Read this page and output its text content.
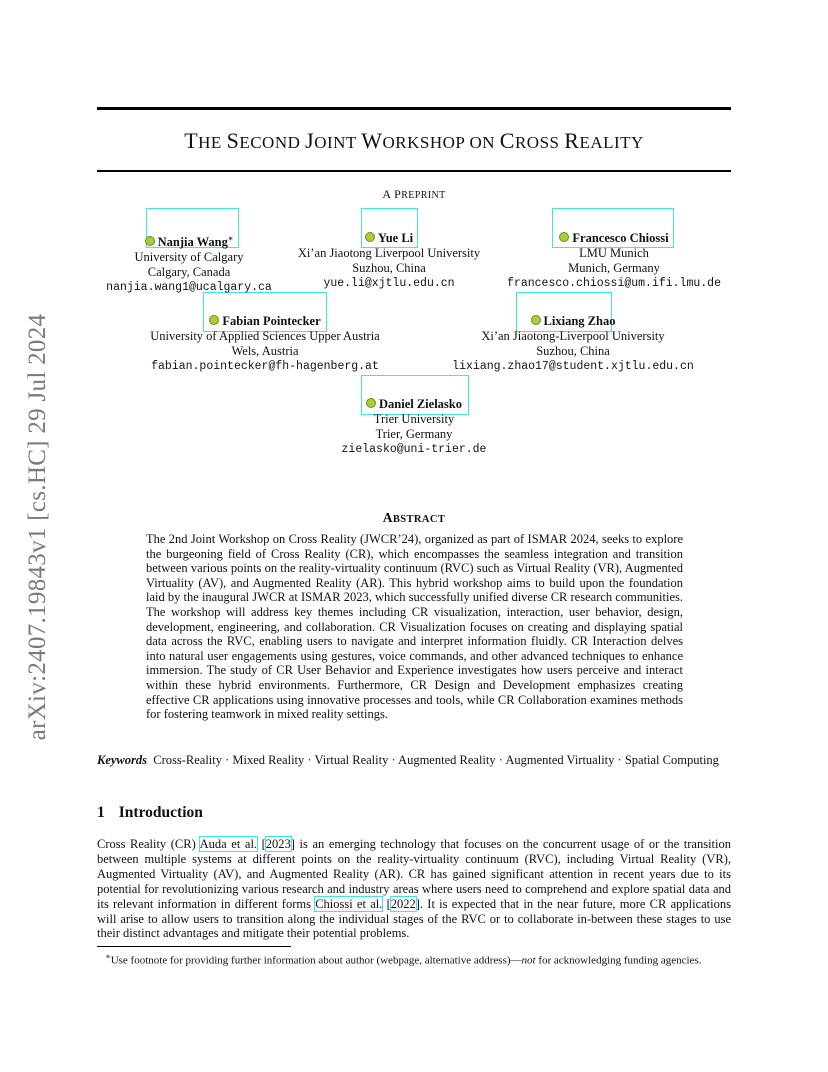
arXiv:2407.19843v1 [cs.HC] 29 Jul 2024
THE SECOND JOINT WORKSHOP ON CROSS REALITY
A PREPRINT
Nanjia Wang∗
University of Calgary
Calgary, Canada
nanjia.wang1@ucalgary.ca
Yue Li
Xi’an Jiaotong Liverpool University
Suzhou, China
yue.li@xjtlu.edu.cn
Francesco Chiossi
LMU Munich
Munich, Germany
francesco.chiossi@um.ifi.lmu.de
Fabian Pointecker
University of Applied Sciences Upper Austria
Wels, Austria
fabian.pointecker@fh-hagenberg.at
Lixiang Zhao
Xi’an Jiaotong-Liverpool University
Suzhou, China
lixiang.zhao17@student.xjtlu.edu.cn
Daniel Zielasko
Trier University
Trier, Germany
zielasko@uni-trier.de
ABSTRACT
The 2nd Joint Workshop on Cross Reality (JWCR’24), organized as part of ISMAR 2024, seeks to explore the burgeoning field of Cross Reality (CR), which encompasses the seamless integration and transition between various points on the reality-virtuality continuum (RVC) such as Virtual Reality (VR), Augmented Virtuality (AV), and Augmented Reality (AR). This hybrid workshop aims to build upon the foundation laid by the inaugural JWCR at ISMAR 2023, which successfully unified diverse CR research communities. The workshop will address key themes including CR visualization, interaction, user behavior, design, development, engineering, and collaboration. CR Visualization focuses on creating and displaying spatial data across the RVC, enabling users to navigate and interpret information fluidly. CR Interaction delves into natural user engagements using gestures, voice commands, and other advanced techniques to enhance immersion. The study of CR User Behavior and Experience investigates how users perceive and interact within these hybrid environments. Furthermore, CR Design and Development emphasizes creating effective CR applications using innovative processes and tools, while CR Collaboration examines methods for fostering teamwork in mixed reality settings.
Keywords Cross-Reality · Mixed Reality · Virtual Reality · Augmented Reality · Augmented Virtuality · Spatial Computing
1 Introduction
Cross Reality (CR) Auda et al. [2023] is an emerging technology that focuses on the concurrent usage of or the transition between multiple systems at different points on the reality-virtuality continuum (RVC), including Virtual Reality (VR), Augmented Virtuality (AV), and Augmented Reality (AR). CR has gained significant attention in recent years due to its potential for revolutionizing various research and industry areas where users need to comprehend and explore spatial data and its relevant information in different forms Chiossi et al. [2022]. It is expected that in the near future, more CR applications will arise to allow users to transition along the individual stages of the RVC or to collaborate in-between these stages to use their distinct advantages and mitigate their potential problems.
∗Use footnote for providing further information about author (webpage, alternative address)—not for acknowledging funding agencies.
